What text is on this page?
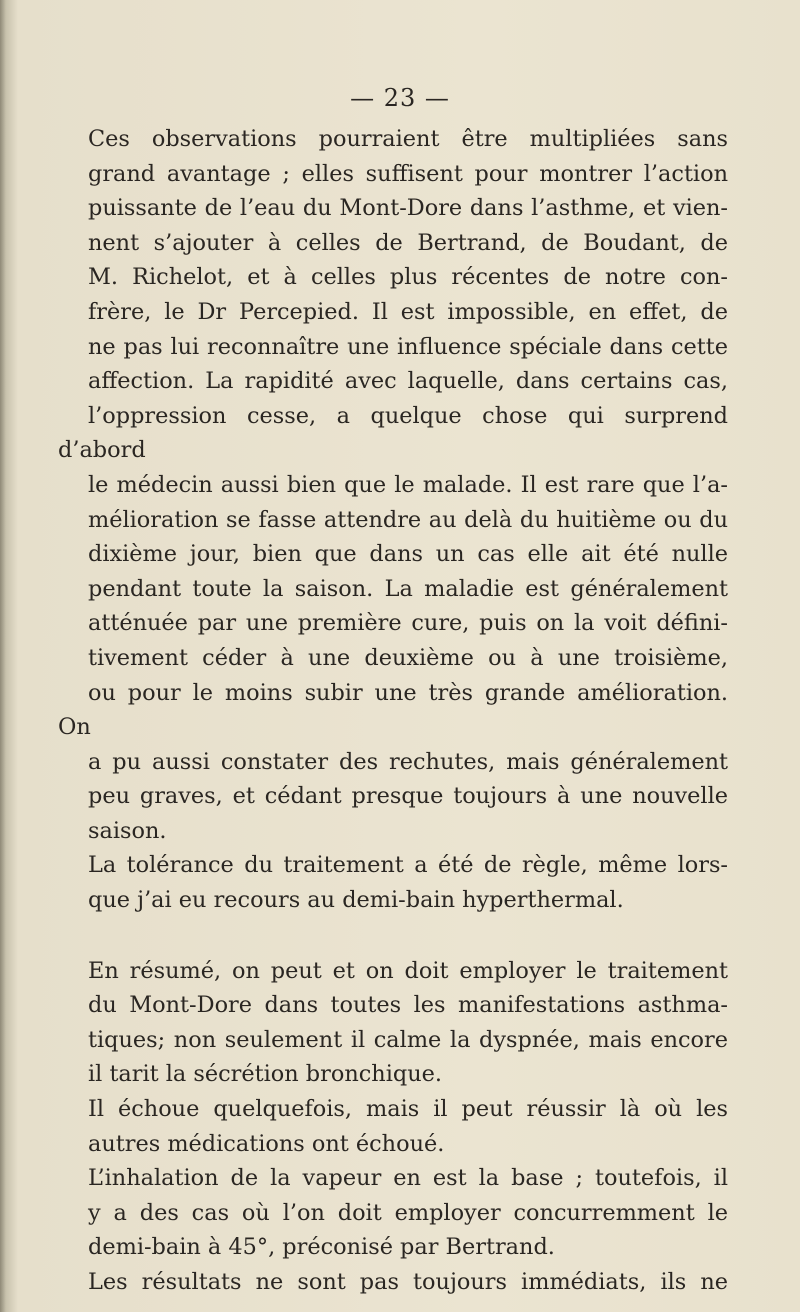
— 23 —

Ces observations pourraient être multipliées sans
grand avantage ; elles suffisent pour montrer l’action
puissante de l’eau du Mont-Dore dans l’asthme, et vien-
nent s’ajouter à celles de Bertrand, de Boudant, de
M. Richelot, et à celles plus récentes de notre con-
frère, le Dr Percepied. Il est impossible, en effet, de
ne pas lui reconnaître une influence spéciale dans cette
affection. La rapidité avec laquelle, dans certains cas,
l’oppression cesse, a quelque chose qui surprend d’abord
le médecin aussi bien que le malade. Il est rare que l’a-
mélioration se fasse attendre au delà du huitième ou du
dixième jour, bien que dans un cas elle ait été nulle
pendant toute la saison. La maladie est généralement
atténuée par une première cure, puis on la voit défini-
tivement céder à une deuxième ou à une troisième,
ou pour le moins subir une très grande amélioration. On
a pu aussi constater des rechutes, mais généralement
peu graves, et cédant presque toujours à une nouvelle
saison.

La tolérance du traitement a été de règle, même lors-
que j’ai eu recours au demi-bain hyperthermal.

En résumé, on peut et on doit employer le traitement
du Mont-Dore dans toutes les manifestations asthma-
tiques; non seulement il calme la dyspnée, mais encore
il tarit la sécrétion bronchique.

Il échoue quelquefois, mais il peut réussir là où les
autres médications ont échoué.

L’inhalation de la vapeur en est la base ; toutefois, il
y a des cas où l’on doit employer concurremment le
demi-bain à 45°, préconisé par Bertrand.

Les résultats ne sont pas toujours immédiats, ils ne
